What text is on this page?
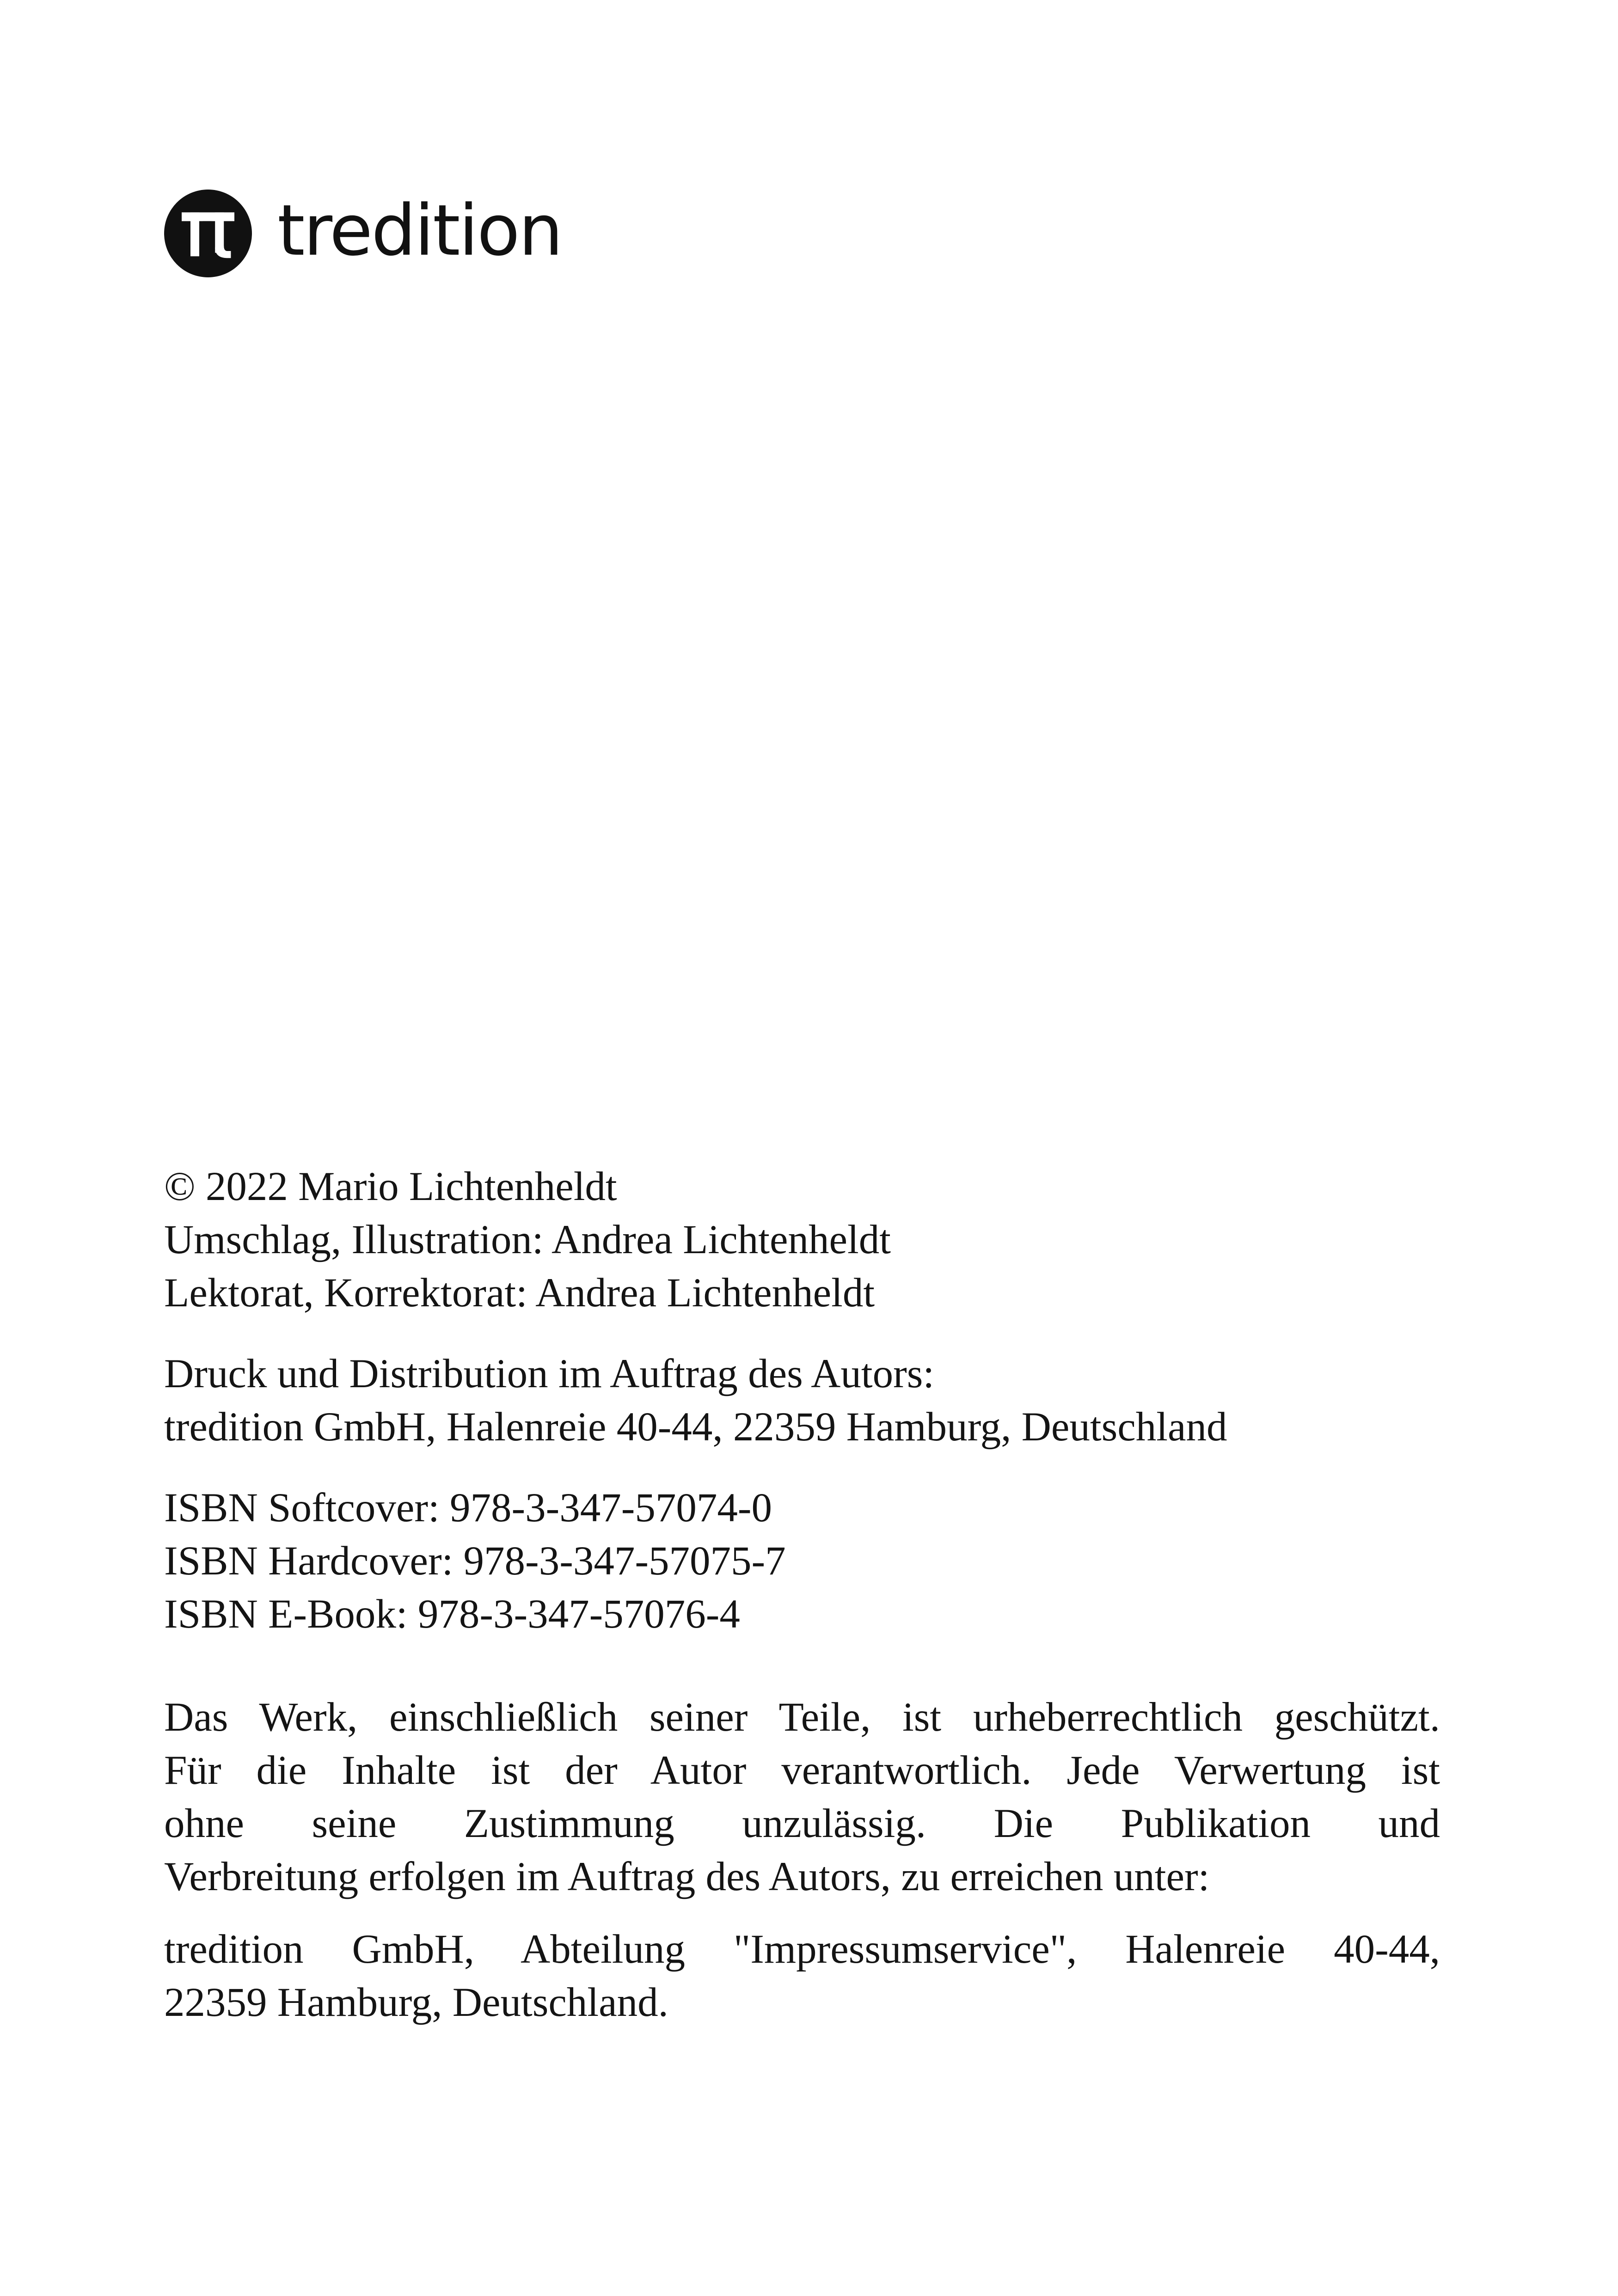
tredition
© 2022 Mario Lichtenheldt
Umschlag, Illustration: Andrea Lichtenheldt
Lektorat, Korrektorat: Andrea Lichtenheldt
Druck und Distribution im Auftrag des Autors:
tredition GmbH, Halenreie 40-44, 22359 Hamburg, Deutschland
ISBN Softcover: 978-3-347-57074-0
ISBN Hardcover: 978-3-347-57075-7
ISBN E-Book: 978-3-347-57076-4
Das Werk, einschließlich seiner Teile, ist urheberrechtlich geschützt.
Für die Inhalte ist der Autor verantwortlich. Jede Verwertung ist
ohne seine Zustimmung unzulässig. Die Publikation und
Verbreitung erfolgen im Auftrag des Autors, zu erreichen unter:
tredition GmbH, Abteilung "Impressumservice", Halenreie 40-44,
22359 Hamburg, Deutschland.
